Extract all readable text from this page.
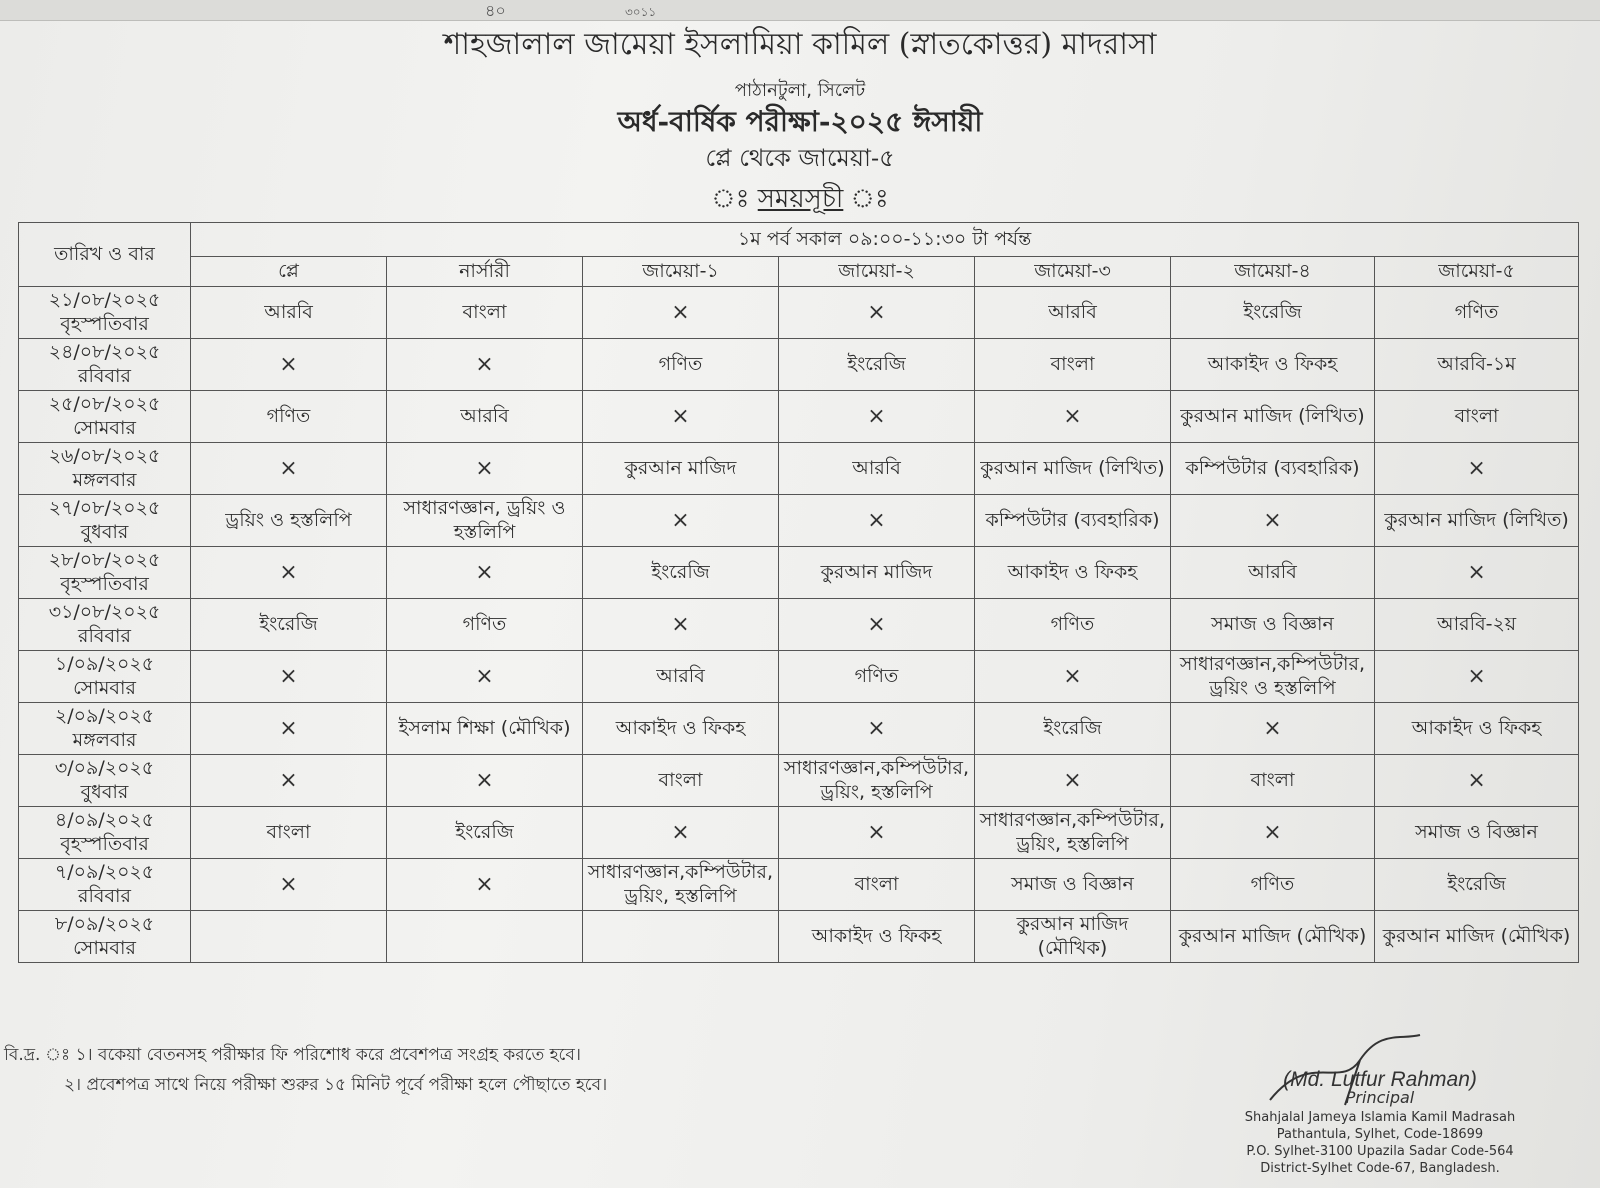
৪০	৩০১১
শাহজালাল জামেয়া ইসলামিয়া কামিল (স্নাতকোত্তর) মাদরাসা
পাঠানটুলা, সিলেট
অর্ধ-বার্ষিক পরীক্ষা-২০২৫ ঈসায়ী
প্লে থেকে জামেয়া-৫
ঃ সময়সূচী
তারিখ ও বার	১ম পর্ব সকাল ০৯:০০-১১:৩০ টা পর্যন্ত						
	প্লে	নার্সারী	জামেয়া-১	জামেয়া-২	জামেয়া-৩	জামেয়া-৪	জামেয়া-৫

২১/০৮/২০২৫
বৃহস্পতিবার	আরবি	বাংলা	×	×	আরবি	ইংরেজি	গণিত

২৪/০৮/২০২৫
রবিবার	×	×	গণিত	ইংরেজি	বাংলা	আকাইদ ও ফিকহ	আরবি-১ম

২৫/০৮/২০২৫
সোমবার	গণিত	আরবি	×	×	×	কুরআন মাজিদ (লিখিত)	বাংলা

২৬/০৮/২০২৫
মঙ্গলবার	×	×	কুরআন মাজিদ	আরবি	কুরআন মাজিদ (লিখিত)	কম্পিউটার (ব্যবহারিক)	×

২৭/০৮/২০২৫
বুধবার	ড্রয়িং ও হস্তলিপি	সাধারণজ্ঞান, ড্রয়িং ও হস্তলিপি	×	×	কম্পিউটার (ব্যবহারিক)	×	কুরআন মাজিদ (লিখিত)

২৮/০৮/২০২৫
বৃহস্পতিবার	×	×	ইংরেজি	কুরআন মাজিদ	আকাইদ ও ফিকহ	আরবি	×

৩১/০৮/২০২৫
রবিবার	ইংরেজি	গণিত	×	×	গণিত	সমাজ ও বিজ্ঞান	আরবি-২য়

১/০৯/২০২৫
সোমবার	×	×	আরবি	গণিত	×	সাধারণজ্ঞান,কম্পিউটার, ড্রয়িং ও হস্তলিপি	×

২/০৯/২০২৫
মঙ্গলবার	×	ইসলাম শিক্ষা (মৌখিক)	আকাইদ ও ফিকহ	×	ইংরেজি	×	আকাইদ ও ফিকহ

৩/০৯/২০২৫
বুধবার	×	×	বাংলা	সাধারণজ্ঞান,কম্পিউটার, ড্রয়িং, হস্তলিপি	×	বাংলা	×

৪/০৯/২০২৫
বৃহস্পতিবার	বাংলা	ইংরেজি	×	×	সাধারণজ্ঞান,কম্পিউটার, ড্রয়িং, হস্তলিপি	×	সমাজ ও বিজ্ঞান

৭/০৯/২০২৫
রবিবার	×	×	সাধারণজ্ঞান,কম্পিউটার, ড্রয়িং, হস্তলিপি	বাংলা	সমাজ ও বিজ্ঞান	গণিত	ইংরেজি

৮/০৯/২০২৫
সোমবার				আকাইদ ও ফিকহ	কুরআন মাজিদ (মৌখিক)	কুরআন মাজিদ (মৌখিক)	কুরআন মাজিদ (মৌখিক)
বি.দ্র. ঃ ১। বকেয়া বেতনসহ পরীক্ষার ফি পরিশোধ করে প্রবেশপত্র সংগ্রহ করতে হবে।
২। প্রবেশপত্র সাথে নিয়ে পরীক্ষা শুরুর ১৫ মিনিট পূর্বে পরীক্ষা হলে পৌছাতে হবে।	(Md. Lutfur Rahman)
Principal
Shahjalal Jameya Islamia Kamil Madrasah
Pathantula, Sylhet, Code-18699
P.O. Sylhet-3100 Upazila Sadar Code-564
District-Sylhet Code-67, Bangladesh.
